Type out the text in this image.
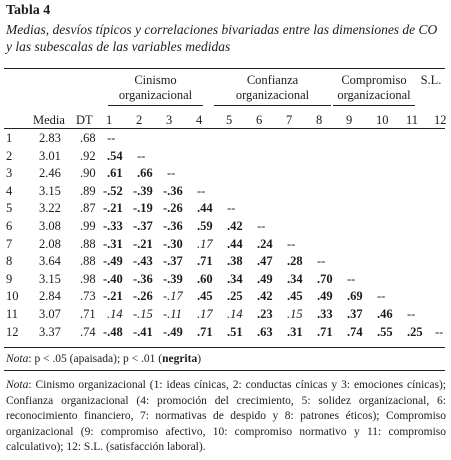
Tabla 4
Medias, desvíos típicos y correlaciones bivariadas entre las dimensiones de CO y las subescalas de las variables medidas
Cinismo
organizacional
Confianza
organizacional
Compromiso
organizacional
S.L.
Media DT 1 2 3 4 5 6 7 8 9 10 11 12
1 2.83 .68 --
2 3.01 .92 .54 --
3 2.46 .90 .61 .66 --
4 3.15 .89 -.52 -.39 -.36 --
5 3.22 .87 -.21 -.19 -.26 .44 --
6 3.08 .99 -.33 -.37 -.36 .59 .42 --
7 2.08 .88 -.31 -.21 -.30 .17 .44 .24 --
8 3.64 .88 -.49 -.43 -.37 .71 .38 .47 .28 --
9 3.15 .98 -.40 -.36 -.39 .60 .34 .49 .34 .70 --
10 2.84 .73 -.21 -.26 -.17 .45 .25 .42 .45 .49 .69 --
11 3.07 .71 .14 -.15 -.11 .17 .14 .23 .15 .33 .37 .46 --
12 3.37 .74 -.48 -.41 -.49 .71 .51 .63 .31 .71 .74 .55 .25 --
Nota: p < .05 (apaisada); p < .01 (negrita)
Nota: Cinismo organizacional (1: ideas cínicas, 2: conductas cínicas y 3: emociones cínicas); Confianza organizacional (4: promoción del crecimiento, 5: solidez organizacional, 6: reconocimiento financiero, 7: normativas de despido y 8: patrones éticos); Compromiso organizacional (9: compromiso afectivo, 10: compromiso normativo y 11: compromiso calculativo); 12: S.L. (satisfacción laboral).
